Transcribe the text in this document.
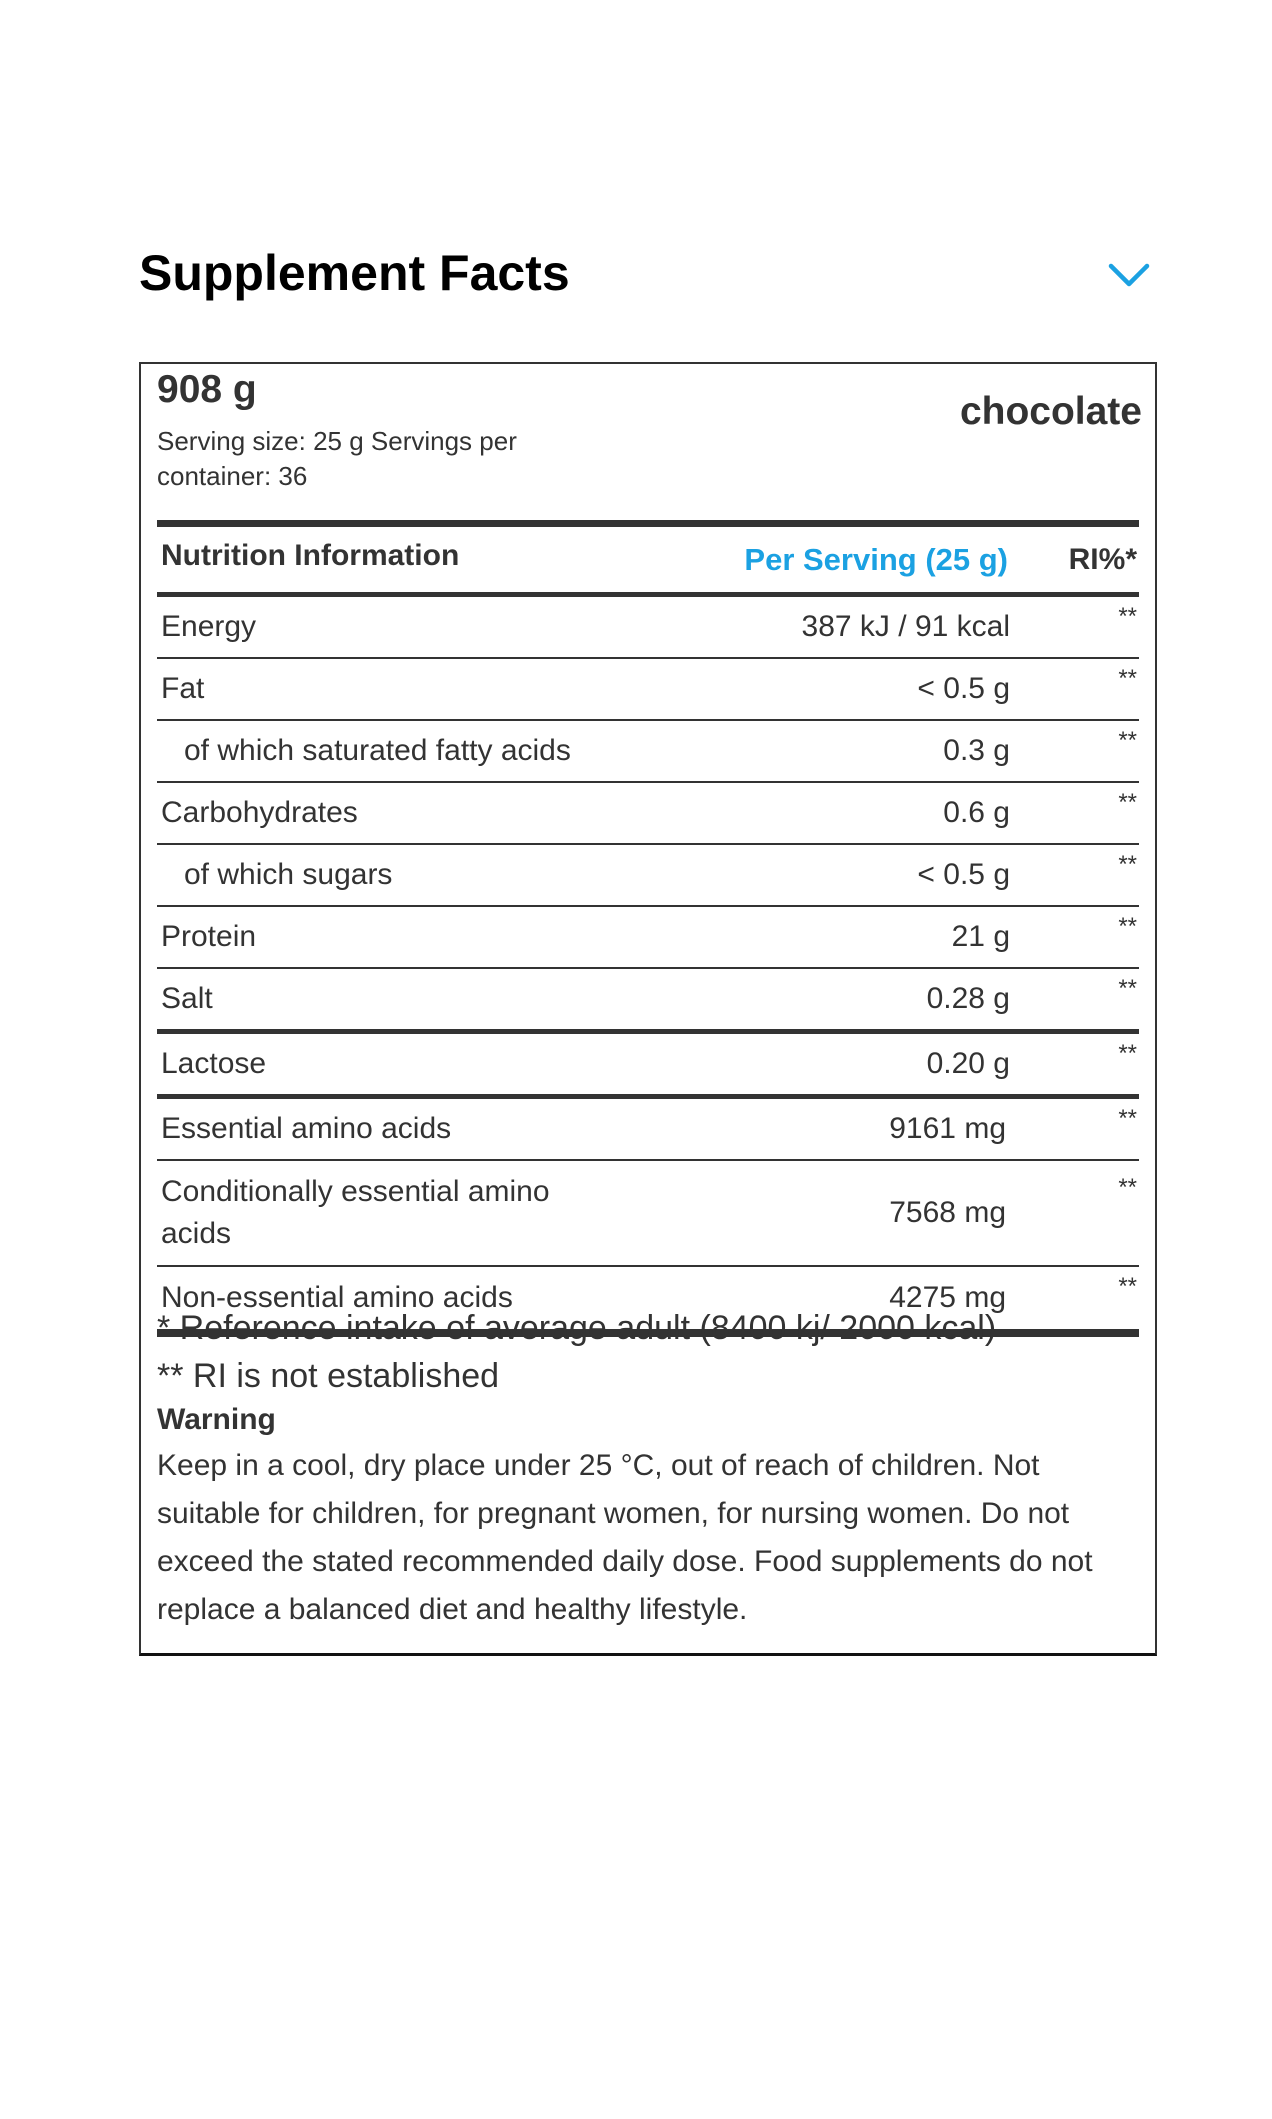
Supplement Facts
908 g
Serving size: 25 g Servings per container: 36
chocolate
Nutrition Information	Per Serving (25 g)	RI%*
Energy	387 kJ / 91 kcal	**
Fat	< 0.5 g	**
of which saturated fatty acids	0.3 g	**
Carbohydrates	0.6 g	**
of which sugars	< 0.5 g	**
Protein	21 g	**
Salt	0.28 g	**
Lactose	0.20 g	**
Essential amino acids	9161 mg	**
Conditionally essential amino acids	7568 mg	**
Non-essential amino acids	4275 mg	**
* Reference intake of average adult (8400 kj/ 2000 kcal)
** RI is not established
Warning
Keep in a cool, dry place under 25 °C, out of reach of children. Not suitable for children, for pregnant women, for nursing women. Do not exceed the stated recommended daily dose. Food supplements do not replace a balanced diet and healthy lifestyle.
